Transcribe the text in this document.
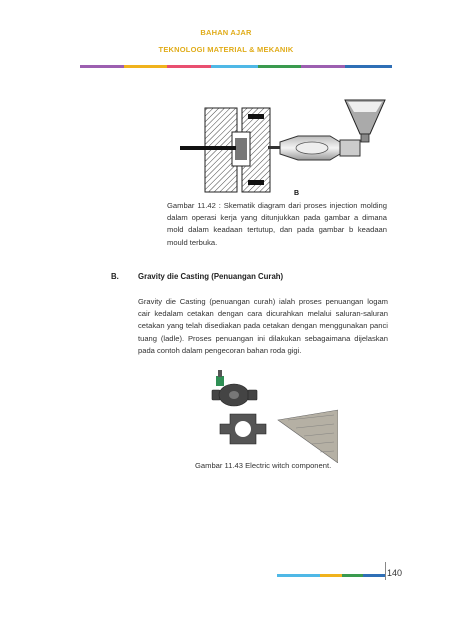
BAHAN AJAR
TEKNOLOGI MATERIAL & MEKANIK
B
Gambar 11.42 : Skematik diagram dari proses injection molding dalam operasi kerja yang ditunjukkan pada gambar a dimana mold dalam keadaan tertutup, dan pada gambar b keadaan mould terbuka.
B. Gravity die Casting (Penuangan Curah)
Gravity die Casting (penuangan curah) ialah proses penuangan logam cair kedalam cetakan dengan cara dicurahkan melalui saluran-saluran cetakan yang telah disediakan pada cetakan dengan menggunakan panci tuang (ladle). Proses penuangan ini dilakukan sebagaimana dijelaskan pada contoh dalam pengecoran bahan roda gigi.
Gambar 11.43 Electric witch component.
140
